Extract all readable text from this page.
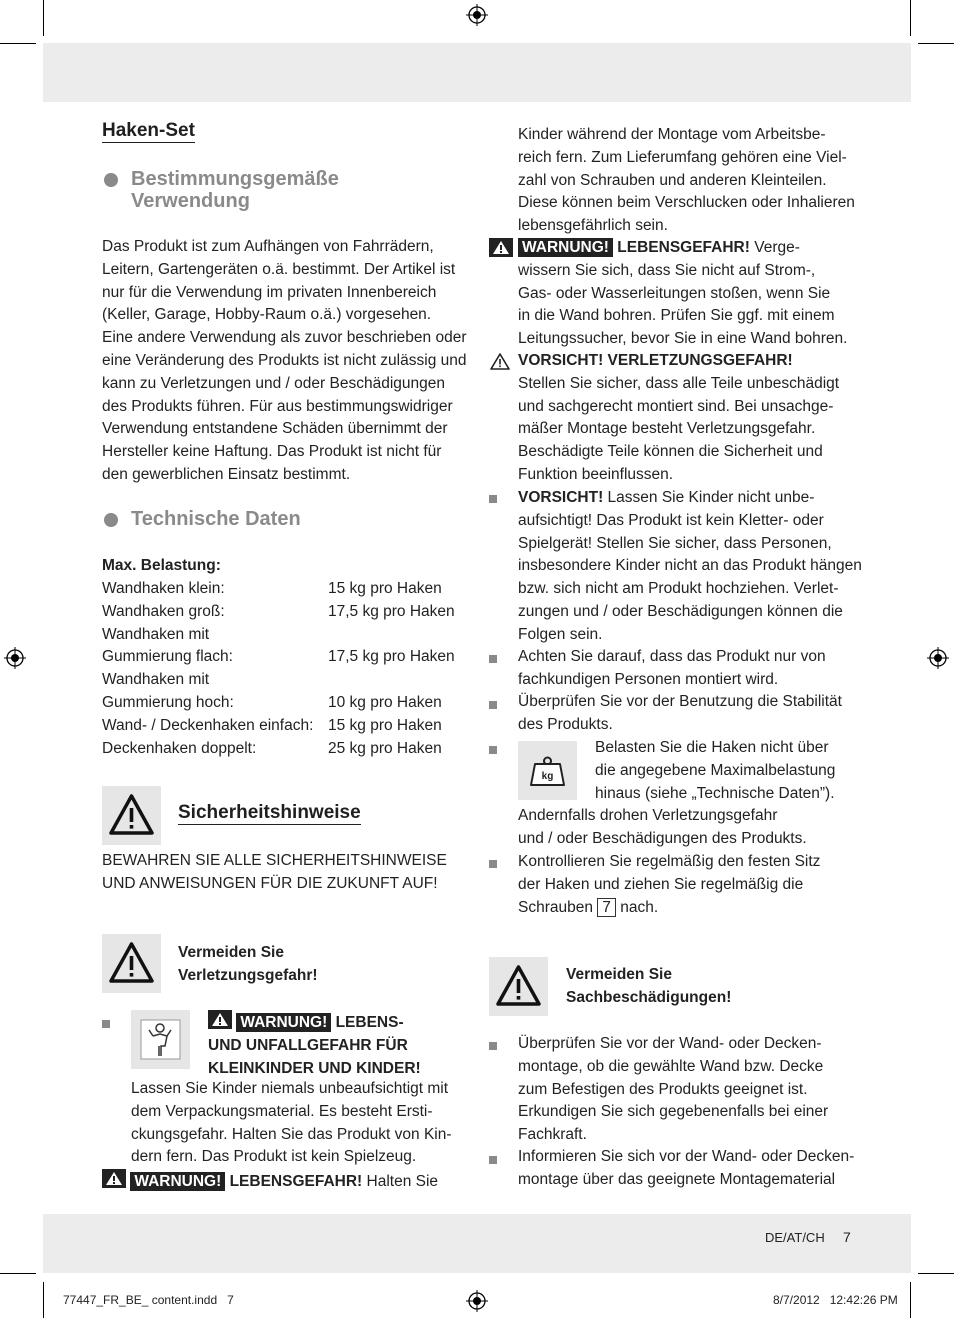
Haken-Set
Bestimmungsgemäße
Verwendung
Das Produkt ist zum Aufhängen von Fahrrädern,
Leitern, Gartengeräten o.ä. bestimmt. Der Artikel ist
nur für die Verwendung im privaten Innenbereich
(Keller, Garage, Hobby-Raum o.ä.) vorgesehen.
Eine andere Verwendung als zuvor beschrieben oder
eine Veränderung des Produkts ist nicht zulässig und
kann zu Verletzungen und / oder Beschädigungen
des Produkts führen. Für aus bestimmungswidriger
Verwendung entstandene Schäden übernimmt der
Hersteller keine Haftung. Das Produkt ist nicht für
den gewerblichen Einsatz bestimmt.
Technische Daten
Max. Belastung:
Wandhaken klein:	15 kg pro Haken
Wandhaken groß:	17,5 kg pro Haken
Wandhaken mit
Gummierung flach:	17,5 kg pro Haken
Wandhaken mit
Gummierung hoch:	10 kg pro Haken
Wand- / Deckenhaken einfach: 15 kg pro Haken
Deckenhaken doppelt:	25 kg pro Haken
Sicherheitshinweise
BEWAHREN SIE ALLE SICHERHEITSHINWEISE
UND ANWEISUNGEN FÜR DIE ZUKUNFT AUF!
Vermeiden Sie
Verletzungsgefahr!
WARNUNG! LEBENS-
UND UNFALLGEFAHR FÜR
KLEINKINDER UND KINDER!
Lassen Sie Kinder niemals unbeaufsichtigt mit
dem Verpackungsmaterial. Es besteht Ersti-
ckungsgefahr. Halten Sie das Produkt von Kin-
dern fern. Das Produkt ist kein Spielzeug.
WARNUNG! LEBENSGEFAHR! Halten Sie
Kinder während der Montage vom Arbeitsbe-
reich fern. Zum Lieferumfang gehören eine Viel-
zahl von Schrauben und anderen Kleinteilen.
Diese können beim Verschlucken oder Inhalieren
lebensgefährlich sein.
WARNUNG! LEBENSGEFAHR! Verge-
wissern Sie sich, dass Sie nicht auf Strom-,
Gas- oder Wasserleitungen stoßen, wenn Sie
in die Wand bohren. Prüfen Sie ggf. mit einem
Leitungssucher, bevor Sie in eine Wand bohren.
VORSICHT! VERLETZUNGSGEFAHR!
Stellen Sie sicher, dass alle Teile unbeschädigt
und sachgerecht montiert sind. Bei unsachge-
mäßer Montage besteht Verletzungsgefahr.
Beschädigte Teile können die Sicherheit und
Funktion beeinflussen.
VORSICHT! Lassen Sie Kinder nicht unbe-
aufsichtigt! Das Produkt ist kein Kletter- oder
Spielgerät! Stellen Sie sicher, dass Personen,
insbesondere Kinder nicht an das Produkt hängen
bzw. sich nicht am Produkt hochziehen. Verlet-
zungen und / oder Beschädigungen können die
Folgen sein.
Achten Sie darauf, dass das Produkt nur von
fachkundigen Personen montiert wird.
Überprüfen Sie vor der Benutzung die Stabilität
des Produkts.
kg
Belasten Sie die Haken nicht über
die angegebene Maximalbelastung
hinaus (siehe „Technische Daten”).
Andernfalls drohen Verletzungsgefahr
und / oder Beschädigungen des Produkts.
Kontrollieren Sie regelmäßig den festen Sitz
der Haken und ziehen Sie regelmäßig die
Schrauben 7 nach.
Vermeiden Sie
Sachbeschädigungen!
Überprüfen Sie vor der Wand- oder Decken-
montage, ob die gewählte Wand bzw. Decke
zum Befestigen des Produkts geeignet ist.
Erkundigen Sie sich gegebenenfalls bei einer
Fachkraft.
Informieren Sie sich vor der Wand- oder Decken-
montage über das geeignete Montagematerial
DE/AT/CH 7
77447_FR_BE_ content.indd   7	8/7/2012   12:42:26 PM
